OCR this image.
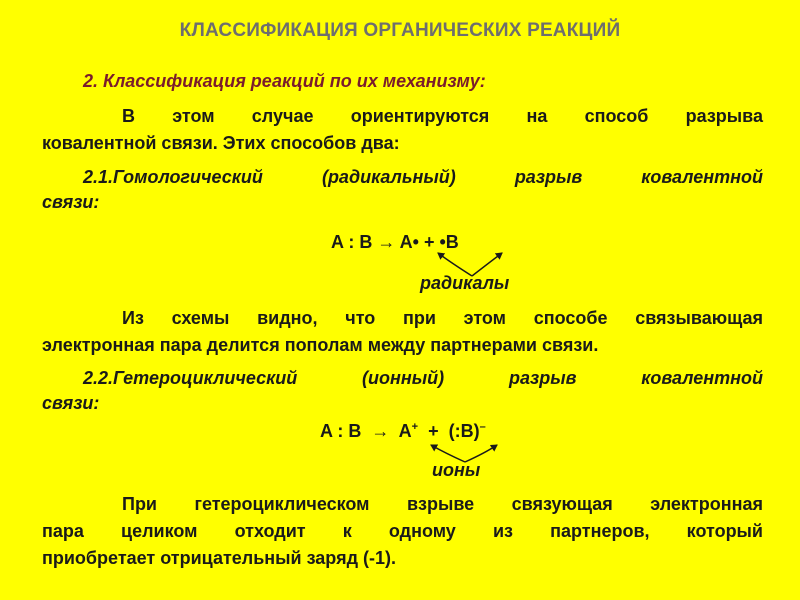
КЛАССИФИКАЦИЯ ОРГАНИЧЕСКИХ РЕАКЦИЙ
2. Классификация реакций по их механизму:
В этом случае ориентируются на способ разрыва
ковалентной связи. Этих способов два:
2.1.Гомологический (радикальный) разрыв ковалентной
связи:
A : B → A• + •B
радикалы
Из схемы видно, что при этом способе связывающая
электронная пара делится пополам между партнерами связи.
2.2.Гетероциклический (ионный) разрыв ковалентной
связи:
A : B  →  A+  +  (:B)–
ионы
При гетероциклическом взрыве связующая электронная
пара целиком отходит к одному из партнеров, который
приобретает отрицательный заряд (-1).
